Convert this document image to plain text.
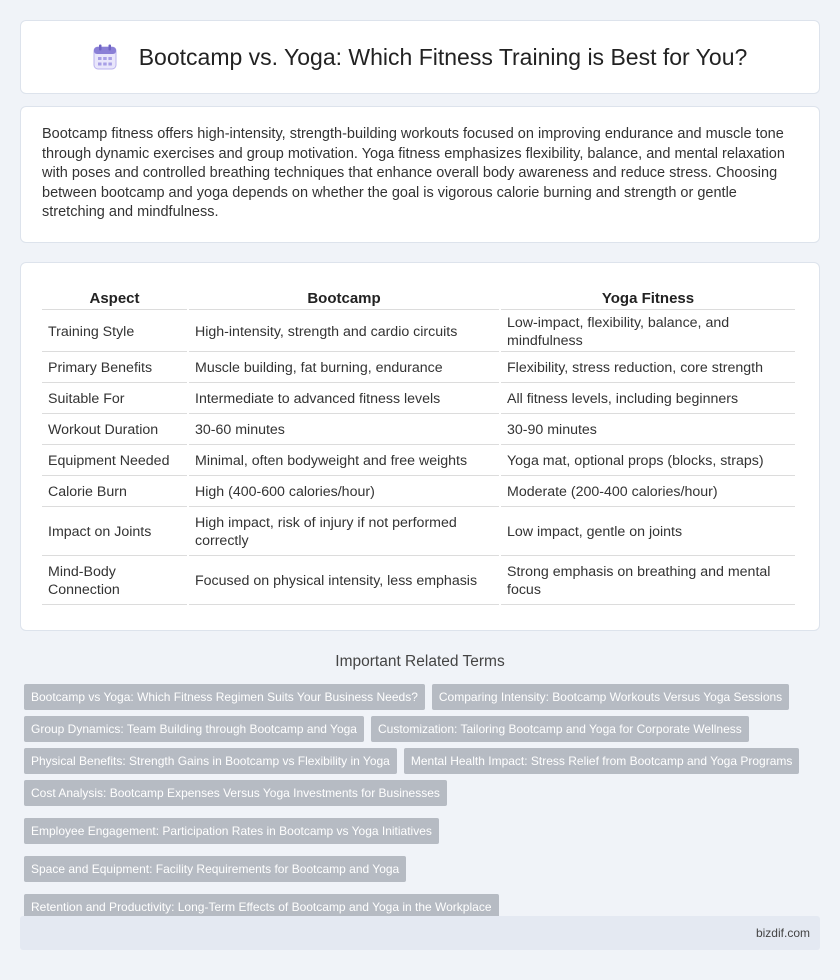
Bootcamp vs. Yoga: Which Fitness Training is Best for You?

Bootcamp fitness offers high-intensity, strength-building workouts focused on improving endurance and muscle tone through dynamic exercises and group motivation. Yoga fitness emphasizes flexibility, balance, and mental relaxation with poses and controlled breathing techniques that enhance overall body awareness and reduce stress. Choosing between bootcamp and yoga depends on whether the goal is vigorous calorie burning and strength or gentle stretching and mindfulness.

Aspect	Bootcamp	Yoga Fitness
Training Style	High-intensity, strength and cardio circuits	Low-impact, flexibility, balance, and mindfulness
Primary Benefits	Muscle building, fat burning, endurance	Flexibility, stress reduction, core strength
Suitable For	Intermediate to advanced fitness levels	All fitness levels, including beginners
Workout Duration	30-60 minutes	30-90 minutes
Equipment Needed	Minimal, often bodyweight and free weights	Yoga mat, optional props (blocks, straps)
Calorie Burn	High (400-600 calories/hour)	Moderate (200-400 calories/hour)
Impact on Joints	High impact, risk of injury if not performed correctly	Low impact, gentle on joints
Mind-Body Connection	Focused on physical intensity, less emphasis	Strong emphasis on breathing and mental focus
Important Related Terms
Bootcamp vs Yoga: Which Fitness Regimen Suits Your Business Needs?	Comparing Intensity: Bootcamp Workouts Versus Yoga Sessions
Group Dynamics: Team Building through Bootcamp and Yoga	Customization: Tailoring Bootcamp and Yoga for Corporate Wellness
Physical Benefits: Strength Gains in Bootcamp vs Flexibility in Yoga	Mental Health Impact: Stress Relief from Bootcamp and Yoga Programs
Cost Analysis: Bootcamp Expenses Versus Yoga Investments for Businesses
Employee Engagement: Participation Rates in Bootcamp vs Yoga Initiatives
Space and Equipment: Facility Requirements for Bootcamp and Yoga
Retention and Productivity: Long-Term Effects of Bootcamp and Yoga in the Workplace
bizdif.com
